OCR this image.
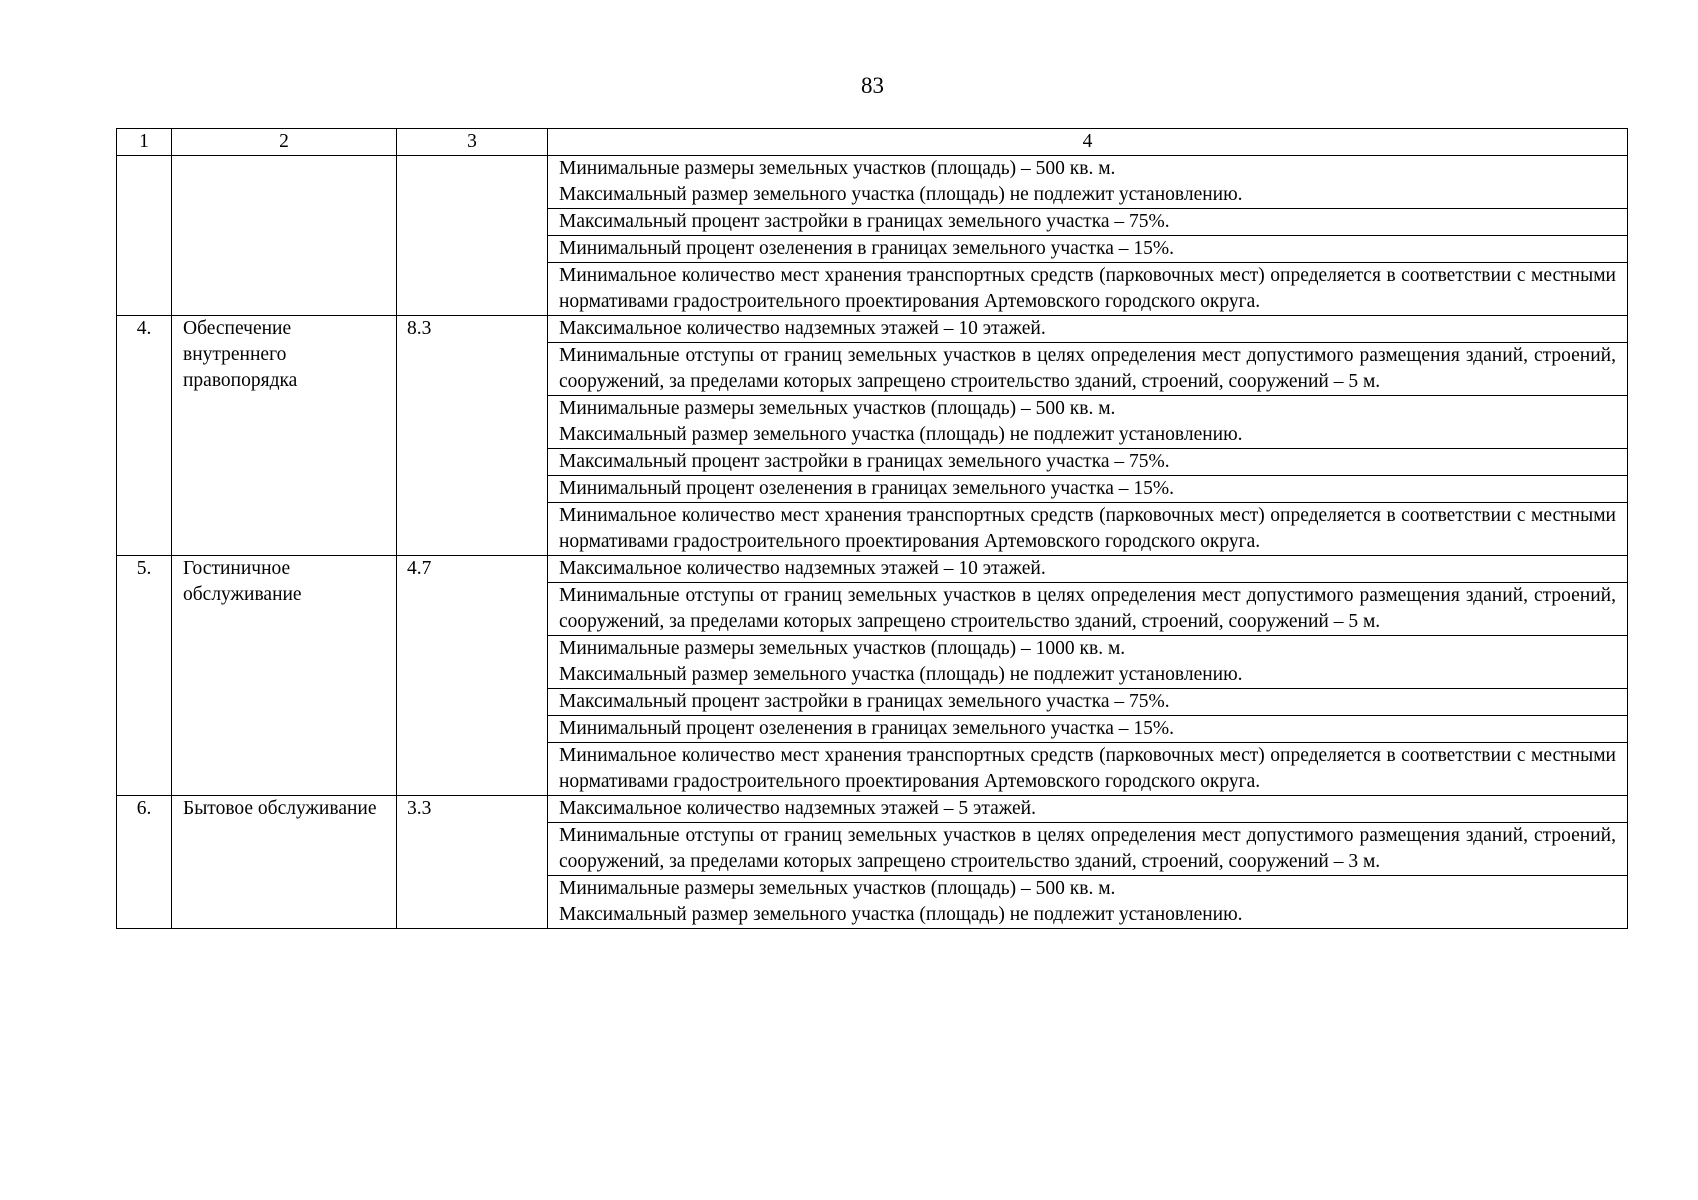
83
1	2	3	4

			Минимальные размеры земельных участков (площадь) – 500 кв. м.
Максимальный размер земельного участка (площадь) не подлежит установлению.

			Максимальный процент застройки в границах земельного участка – 75%.

			Минимальный процент озеленения в границах земельного участка – 15%.

			Минимальное количество мест хранения транспортных средств (парковочных мест) определяется в соответствии с местными нормативами градостроительного проектирования Артемовского городского округа.

4.	Обеспечение внутреннего правопорядка	8.3	Максимальное количество надземных этажей – 10 этажей.

			Минимальные отступы от границ земельных участков в целях определения мест допустимого размещения зданий, строений, сооружений, за пределами которых запрещено строительство зданий, строений, сооружений – 5 м.

			Минимальные размеры земельных участков (площадь) – 500 кв. м.
Максимальный размер земельного участка (площадь) не подлежит установлению.

			Максимальный процент застройки в границах земельного участка – 75%.

			Минимальный процент озеленения в границах земельного участка – 15%.

			Минимальное количество мест хранения транспортных средств (парковочных мест) определяется в соответствии с местными нормативами градостроительного проектирования Артемовского городского округа.

5.	Гостиничное обслуживание	4.7	Максимальное количество надземных этажей – 10 этажей.

			Минимальные отступы от границ земельных участков в целях определения мест допустимого размещения зданий, строений, сооружений, за пределами которых запрещено строительство зданий, строений, сооружений – 5 м.

			Минимальные размеры земельных участков (площадь) – 1000 кв. м.
Максимальный размер земельного участка (площадь) не подлежит установлению.

			Максимальный процент застройки в границах земельного участка – 75%.

			Минимальный процент озеленения в границах земельного участка – 15%.

			Минимальное количество мест хранения транспортных средств (парковочных мест) определяется в соответствии с местными нормативами градостроительного проектирования Артемовского городского округа.

6.	Бытовое обслуживание	3.3	Максимальное количество надземных этажей – 5 этажей.

			Минимальные отступы от границ земельных участков в целях определения мест допустимого размещения зданий, строений, сооружений, за пределами которых запрещено строительство зданий, строений, сооружений – 3 м.

			Минимальные размеры земельных участков (площадь) – 500 кв. м.
Максимальный размер земельного участка (площадь) не подлежит установлению.
